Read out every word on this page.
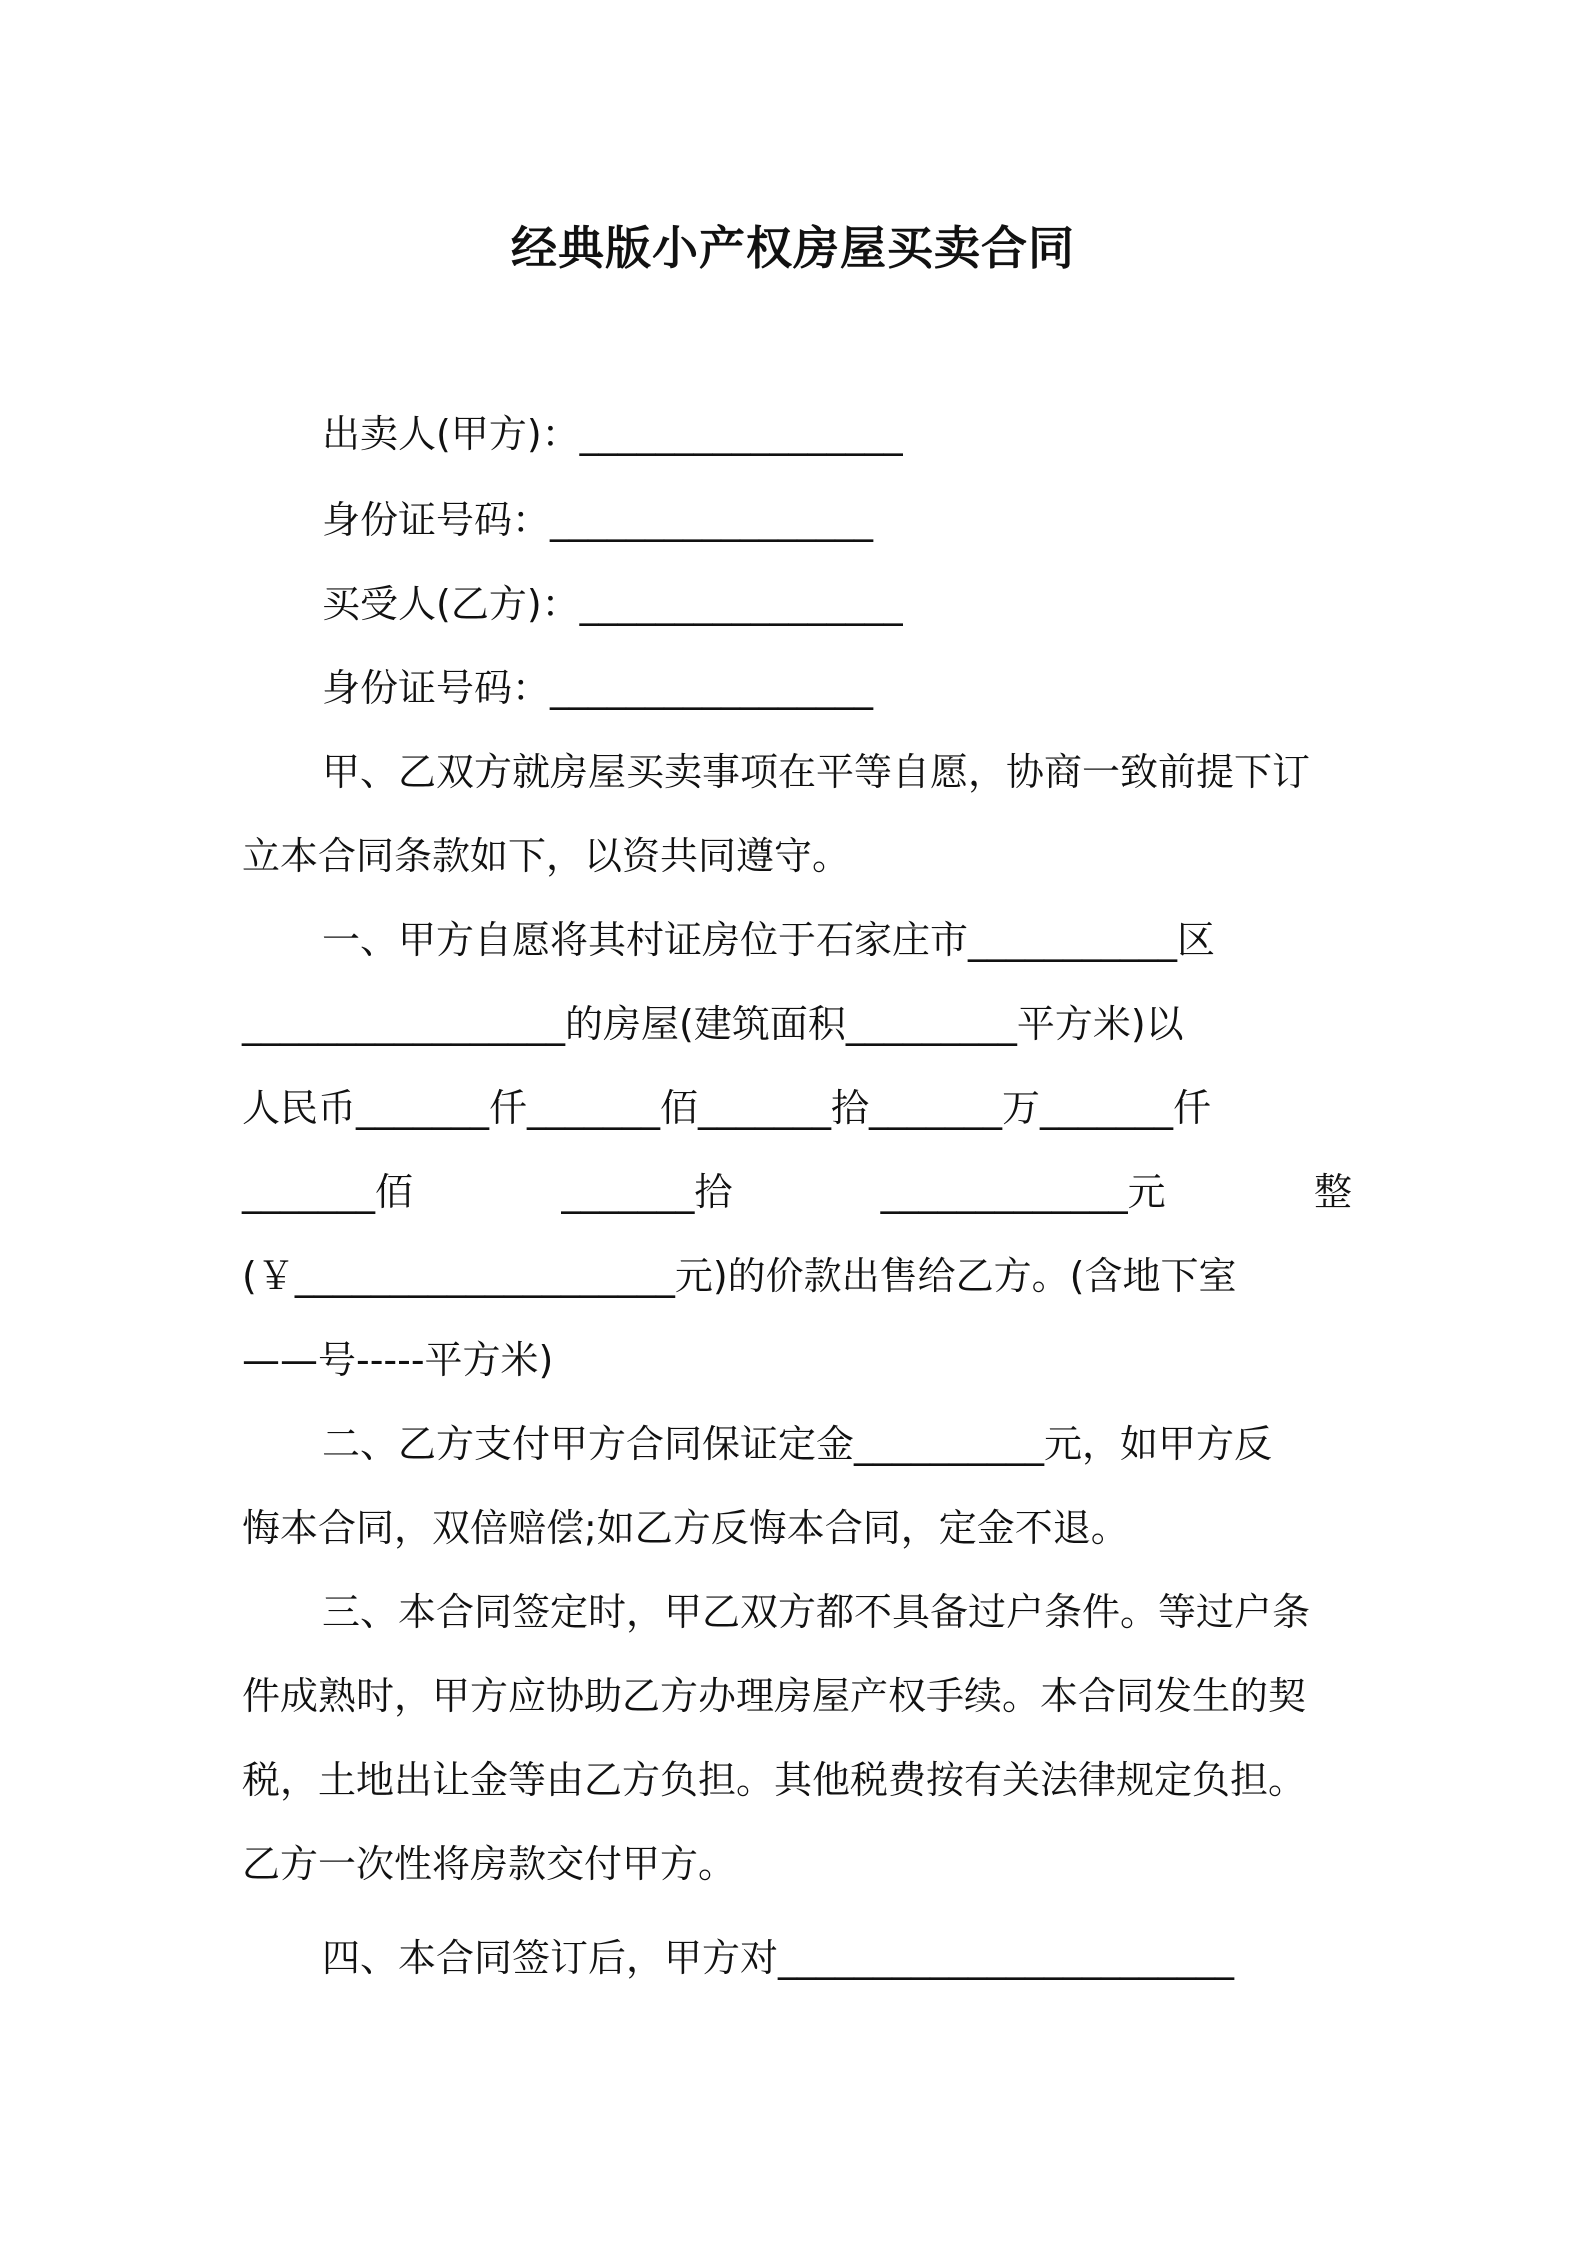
经典版小产权房屋买卖合同

出卖人(甲方)：_________________

身份证号码：_________________

买受人(乙方)：_________________

身份证号码：_________________

甲、乙双方就房屋买卖事项在平等自愿，协商一致前提下订

立本合同条款如下，以资共同遵守。

一、甲方自愿将其村证房位于石家庄市___________区

_________________的房屋(建筑面积_________平方米)以

人民币_______仟_______佰_______拾_______万_______仟

_______佰	_______拾	_____________元	整

(￥____________________元)的价款出售给乙方。(含地下室

——号-----平方米)

二、乙方支付甲方合同保证定金__________元，如甲方反

悔本合同，双倍赔偿;如乙方反悔本合同，定金不退。

三、本合同签定时，甲乙双方都不具备过户条件。等过户条

件成熟时，甲方应协助乙方办理房屋产权手续。本合同发生的契

税，土地出让金等由乙方负担。其他税费按有关法律规定负担。

乙方一次性将房款交付甲方。

四、本合同签订后，甲方对________________________
